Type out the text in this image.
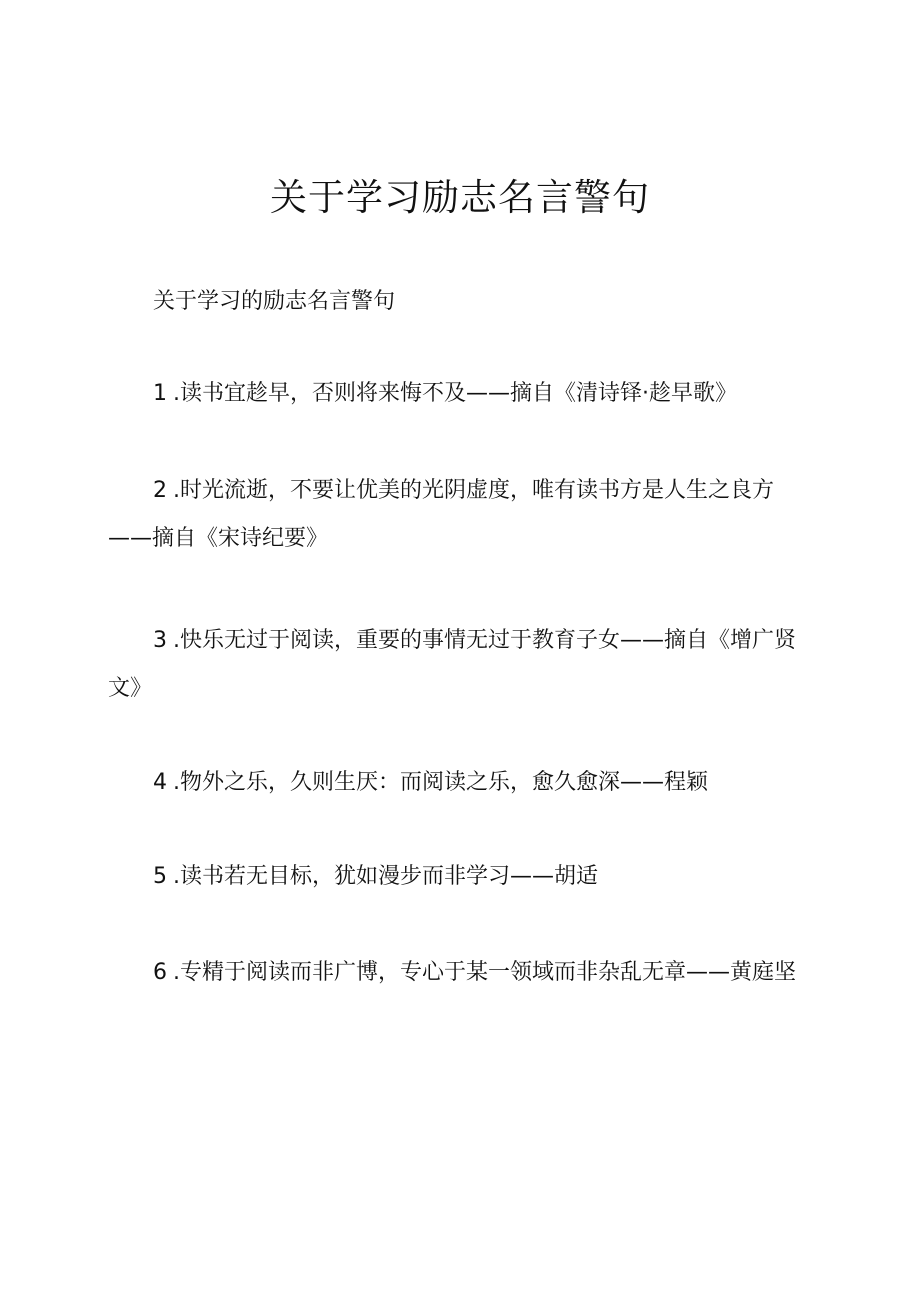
关于学习励志名言警句

关于学习的励志名言警句

1 .读书宜趁早，否则将来悔不及——摘自《清诗铎·趁早歌》

2 .时光流逝，不要让优美的光阴虚度，唯有读书方是人生之良方——摘自《宋诗纪要》

3 .快乐无过于阅读，重要的事情无过于教育子女——摘自《增广贤文》

4 .物外之乐，久则生厌：而阅读之乐，愈久愈深——程颖

5 .读书若无目标，犹如漫步而非学习——胡适

6 .专精于阅读而非广博，专心于某一领域而非杂乱无章——黄庭坚
